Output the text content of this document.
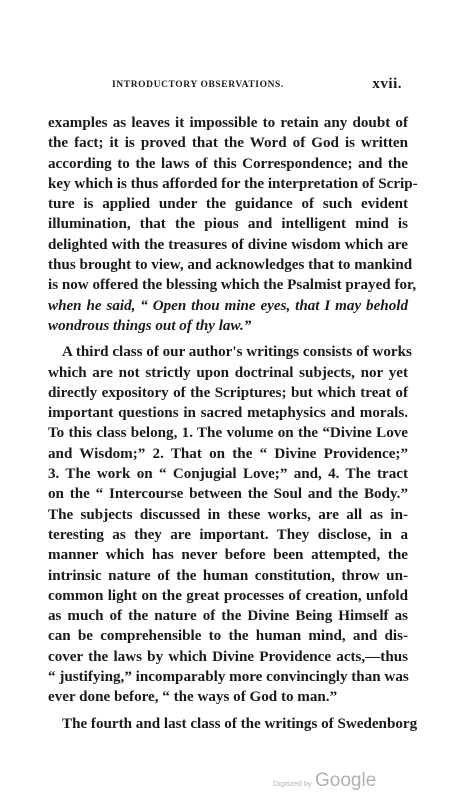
INTRODUCTORY OBSERVATIONS.	xvii.
examples as leaves it impossible to retain any doubt of
the fact; it is proved that the Word of God is written
according to the laws of this Correspondence; and the
key which is thus afforded for the interpretation of Scrip-
ture is applied under the guidance of such evident
illumination, that the pious and intelligent mind is
delighted with the treasures of divine wisdom which are
thus brought to view, and acknowledges that to mankind
is now offered the blessing which the Psalmist prayed for,
when he said, “ Open thou mine eyes, that I may behold
wondrous things out of thy law.”
A third class of our author's writings consists of works
which are not strictly upon doctrinal subjects, nor yet
directly expository of the Scriptures; but which treat of
important questions in sacred metaphysics and morals.
To this class belong, 1. The volume on the “Divine Love
and Wisdom;” 2. That on the “ Divine Providence;”
3. The work on “ Conjugial Love;” and, 4. The tract
on the “ Intercourse between the Soul and the Body.”
The subjects discussed in these works, are all as in-
teresting as they are important. They disclose, in a
manner which has never before been attempted, the
intrinsic nature of the human constitution, throw un-
common light on the great processes of creation, unfold
as much of the nature of the Divine Being Himself as
can be comprehensible to the human mind, and dis-
cover the laws by which Divine Providence acts,—thus
“ justifying,” incomparably more convincingly than was
ever done before, “ the ways of God to man.”
The fourth and last class of the writings of Swedenborg
Digitized by Google
